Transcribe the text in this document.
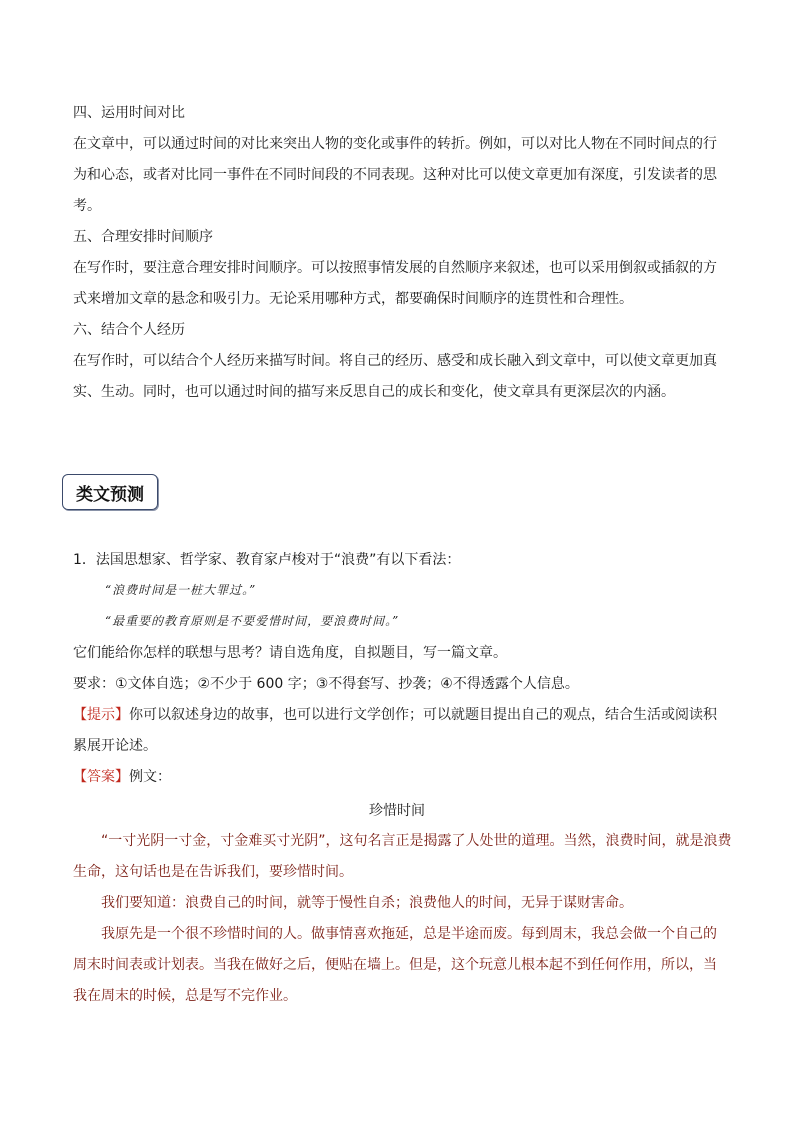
四、运用时间对比
在文章中，可以通过时间的对比来突出人物的变化或事件的转折。例如，可以对比人物在不同时间点的行
为和心态，或者对比同一事件在不同时间段的不同表现。这种对比可以使文章更加有深度，引发读者的思
考。
五、合理安排时间顺序
在写作时，要注意合理安排时间顺序。可以按照事情发展的自然顺序来叙述，也可以采用倒叙或插叙的方
式来增加文章的悬念和吸引力。无论采用哪种方式，都要确保时间顺序的连贯性和合理性。
六、结合个人经历
在写作时，可以结合个人经历来描写时间。将自己的经历、感受和成长融入到文章中，可以使文章更加真
实、生动。同时，也可以通过时间的描写来反思自己的成长和变化，使文章具有更深层次的内涵。
类文预测
1．法国思想家、哲学家、教育家卢梭对于“浪费”有以下看法：
“浪费时间是一桩大罪过。”
“最重要的教育原则是不要爱惜时间，要浪费时间。”
它们能给你怎样的联想与思考？请自选角度，自拟题目，写一篇文章。
要求：①文体自选；②不少于 600 字；③不得套写、抄袭；④不得透露个人信息。
【提示】你可以叙述身边的故事，也可以进行文学创作；可以就题目提出自己的观点，结合生活或阅读积
累展开论述。
【答案】例文：
珍惜时间
“一寸光阴一寸金，寸金难买寸光阴”，这句名言正是揭露了人处世的道理。当然，浪费时间，就是浪费
生命，这句话也是在告诉我们，要珍惜时间。
我们要知道：浪费自己的时间，就等于慢性自杀；浪费他人的时间，无异于谋财害命。
我原先是一个很不珍惜时间的人。做事情喜欢拖延，总是半途而废。每到周末，我总会做一个自己的
周末时间表或计划表。当我在做好之后，便贴在墙上。但是，这个玩意儿根本起不到任何作用，所以，当
我在周末的时候，总是写不完作业。
